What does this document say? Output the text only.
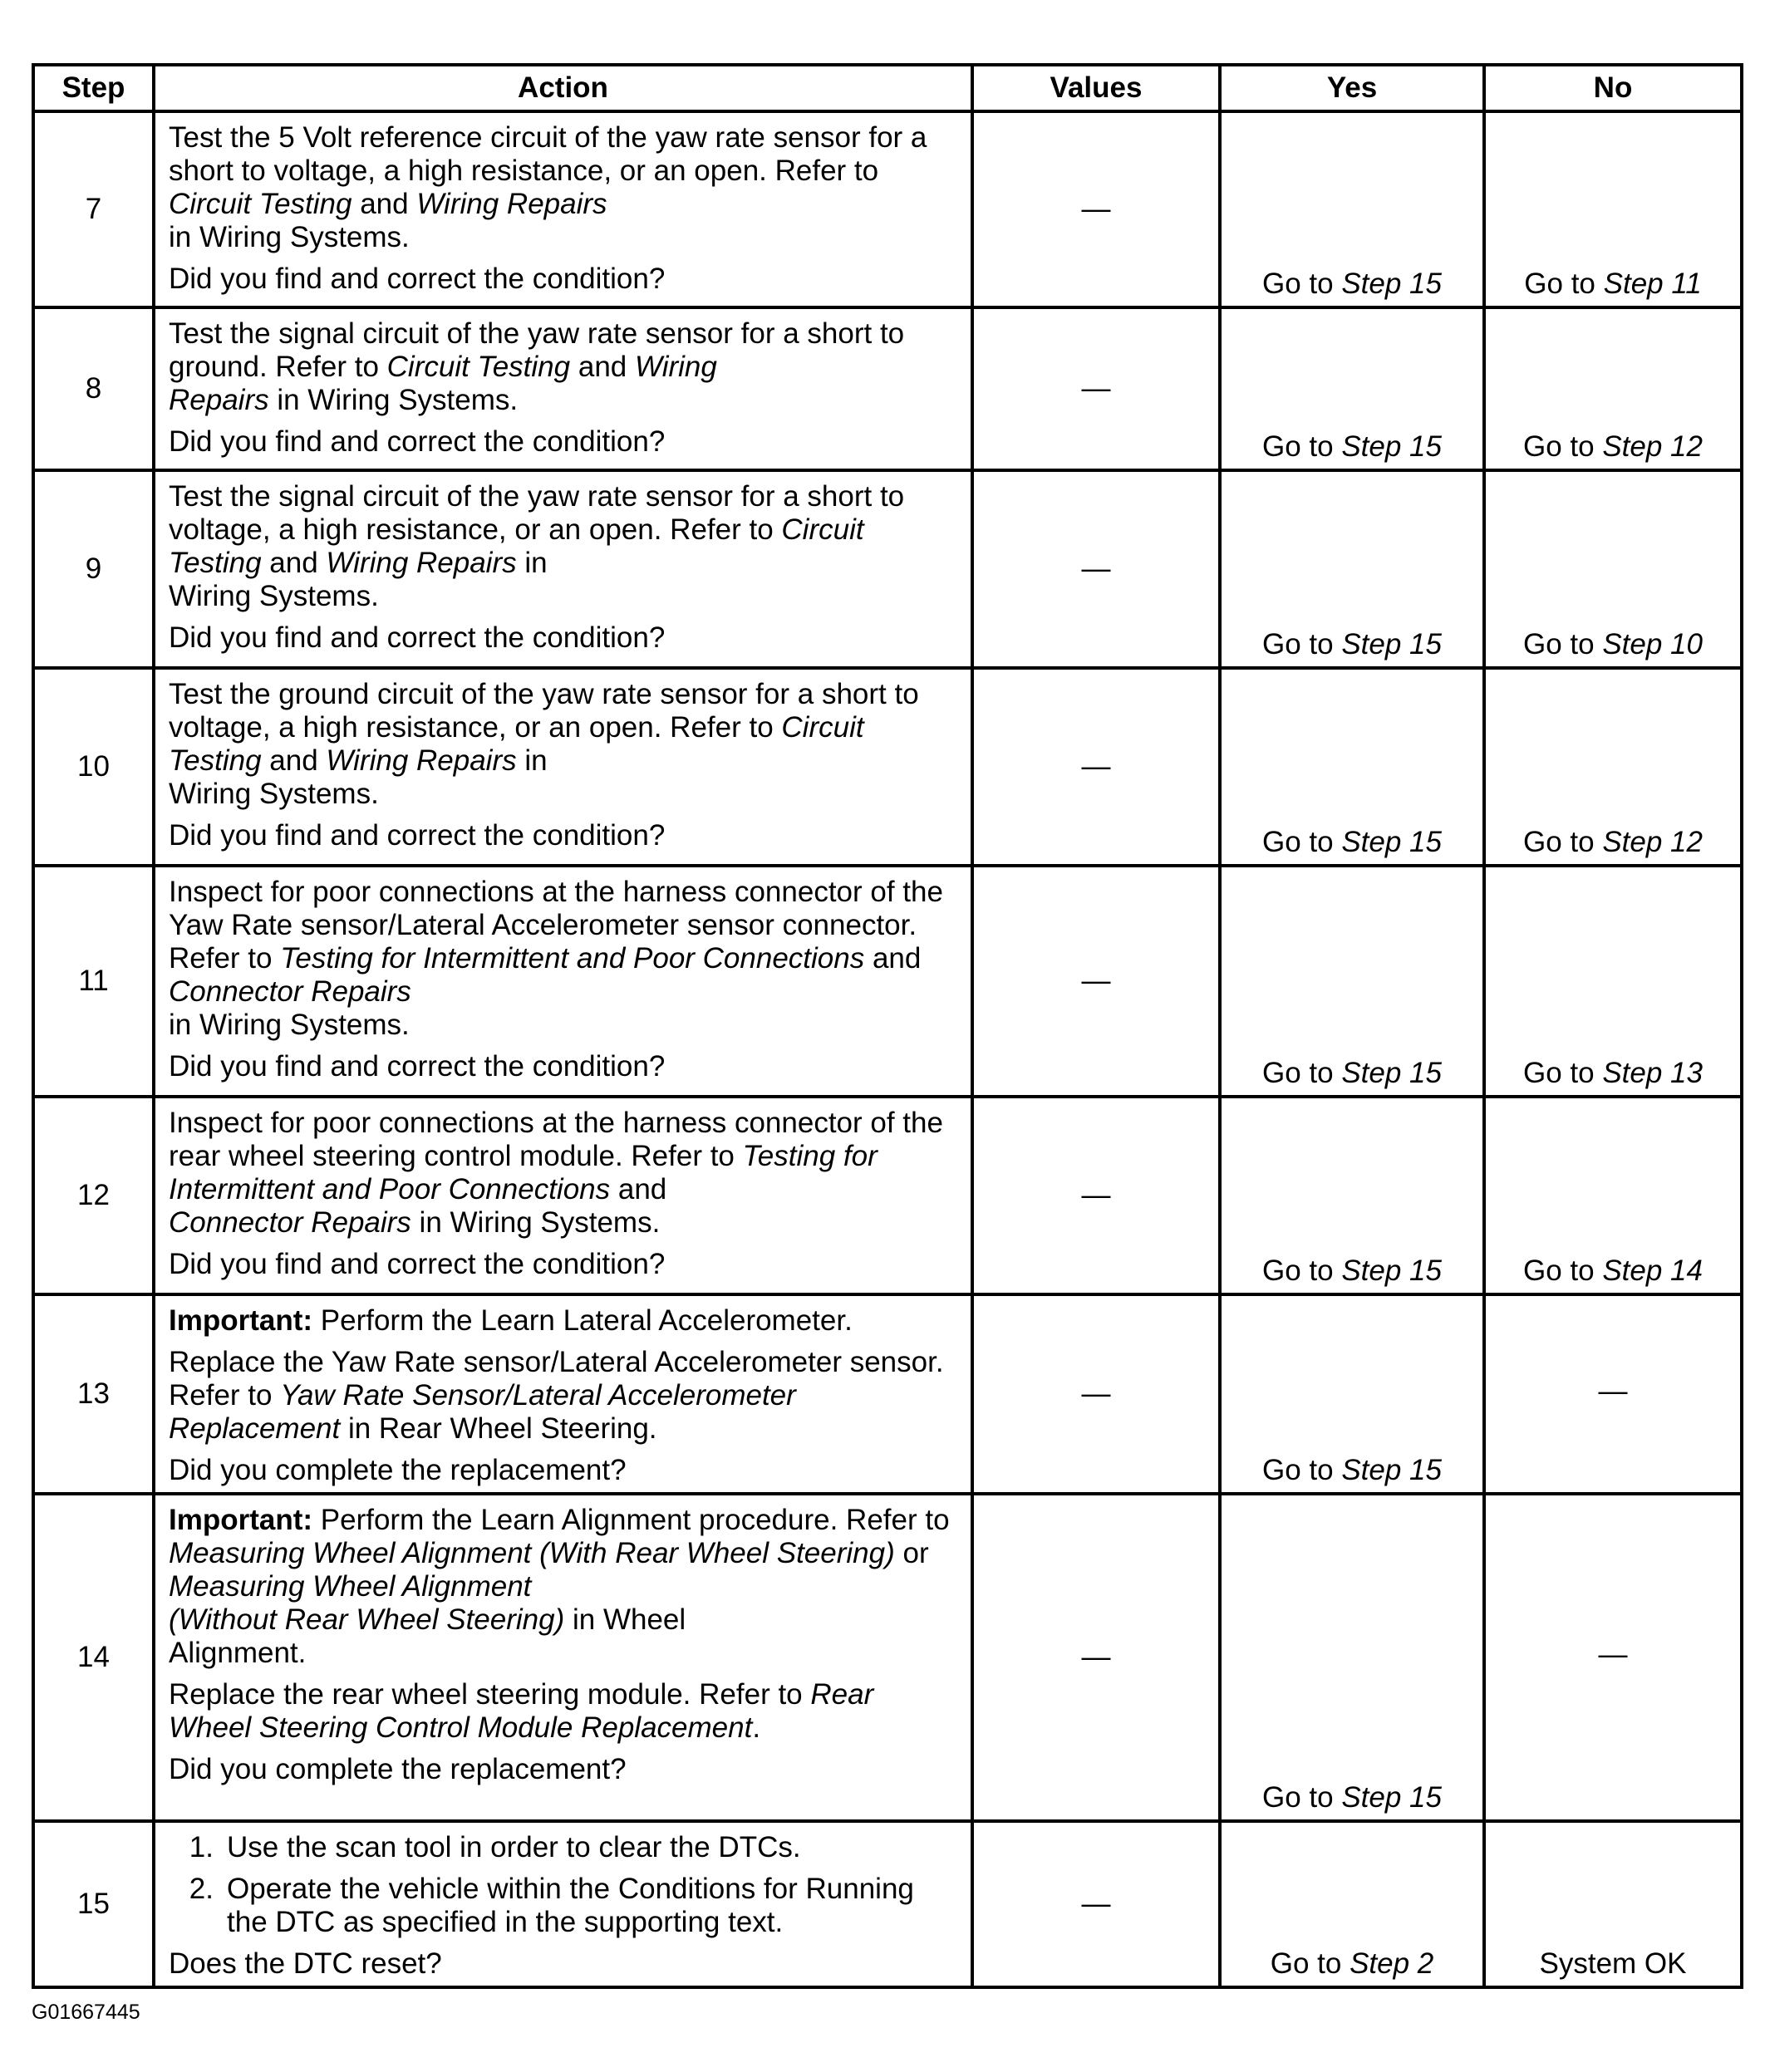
Step	Action	Values	Yes	No
7	Test the 5 Volt reference circuit of the yaw rate sensor for a short to voltage, a high resistance, or an open. Refer to Circuit Testing and Wiring Repairs
in Wiring Systems.
Did you find and correct the condition?	—	Go to Step 15	Go to Step 11
8	Test the signal circuit of the yaw rate sensor for a short to ground. Refer to Circuit Testing and Wiring
Repairs in Wiring Systems.
Did you find and correct the condition?	—	Go to Step 15	Go to Step 12
9	Test the signal circuit of the yaw rate sensor for a short to voltage, a high resistance, or an open. Refer to Circuit Testing and Wiring Repairs in
Wiring Systems.
Did you find and correct the condition?	—	Go to Step 15	Go to Step 10
10	Test the ground circuit of the yaw rate sensor for a short to voltage, a high resistance, or an open. Refer to Circuit Testing and Wiring Repairs in
Wiring Systems.
Did you find and correct the condition?	—	Go to Step 15	Go to Step 12
11	Inspect for poor connections at the harness connector of the Yaw Rate sensor/Lateral Accelerometer sensor connector. Refer to Testing for Intermittent and Poor Connections and Connector Repairs
in Wiring Systems.
Did you find and correct the condition?	—	Go to Step 15	Go to Step 13
12	Inspect for poor connections at the harness connector of the rear wheel steering control module. Refer to Testing for Intermittent and Poor Connections and
Connector Repairs in Wiring Systems.
Did you find and correct the condition?	—	Go to Step 15	Go to Step 14
13	Important: Perform the Learn Lateral Accelerometer.
Replace the Yaw Rate sensor/Lateral Accelerometer sensor. Refer to Yaw Rate Sensor/Lateral Accelerometer Replacement in Rear Wheel Steering.
Did you complete the replacement?	—	Go to Step 15	—
14	Important: Perform the Learn Alignment procedure. Refer to Measuring Wheel Alignment (With Rear Wheel Steering) or Measuring Wheel Alignment
(Without Rear Wheel Steering) in Wheel
Alignment.
Replace the rear wheel steering module. Refer to Rear Wheel Steering Control Module Replacement.
Did you complete the replacement?	—	Go to Step 15	—
15	1. Use the scan tool in order to clear the DTCs.
2. Operate the vehicle within the Conditions for Running the DTC as specified in the supporting text.
Does the DTC reset?	—	Go to Step 2	System OK
G01667445
